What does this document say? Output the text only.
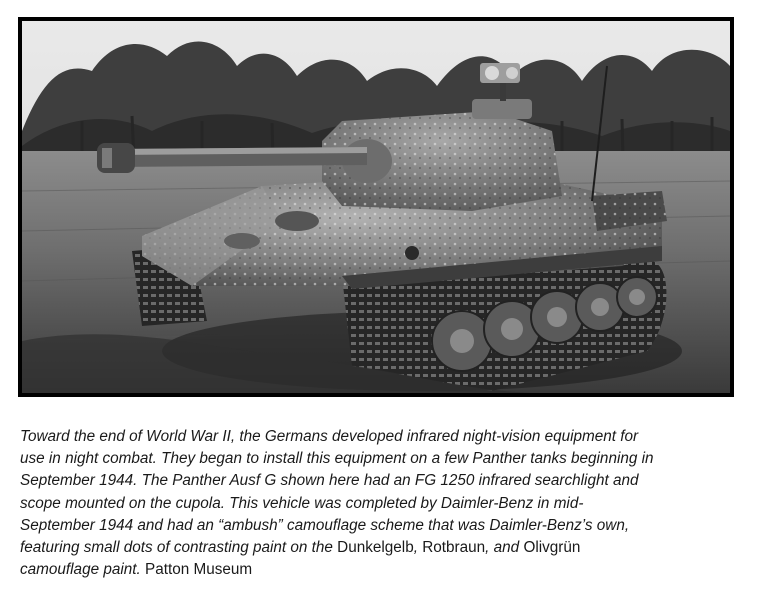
Toward the end of World War II, the Germans developed infrared night-vision equipment for
use in night combat. They began to install this equipment on a few Panther tanks beginning in
September 1944. The Panther Ausf G shown here had an FG 1250 infrared searchlight and
scope mounted on the cupola. This vehicle was completed by Daimler-Benz in mid-
September 1944 and had an “ambush” camouflage scheme that was Daimler-Benz’s own,
featuring small dots of contrasting paint on the Dunkelgelb, Rotbraun, and Olivgrün
camouflage paint. Patton Museum
